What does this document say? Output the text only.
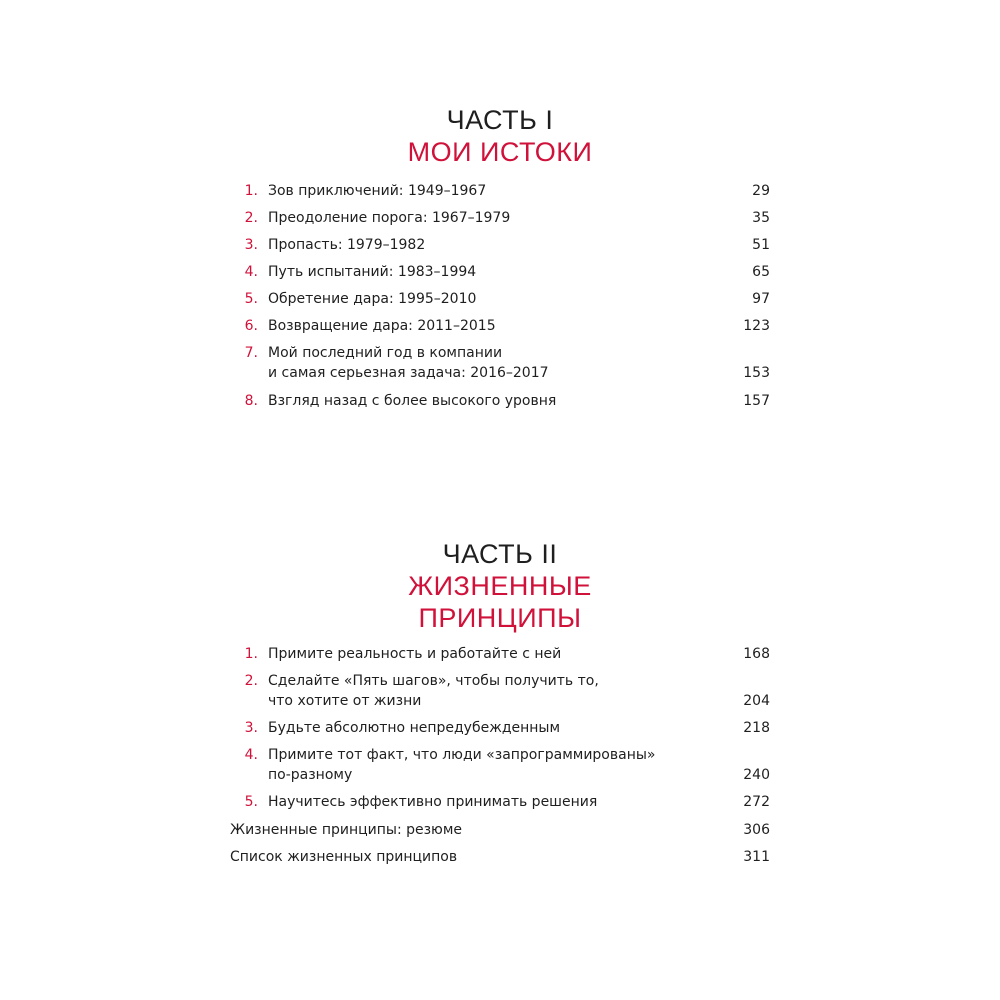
ЧАСТЬ I
МОИ ИСТОКИ
1. Зов приключений: 1949–1967	29
2. Преодоление порога: 1967–1979	35
3. Пропасть: 1979–1982	51
4. Путь испытаний: 1983–1994	65
5. Обретение дара: 1995–2010	97
6. Возвращение дара: 2011–2015	123
7. Мой последний год в компании
и самая серьезная задача: 2016–2017	153
8. Взгляд назад с более высокого уровня	157
ЧАСТЬ II
ЖИЗНЕННЫЕ
ПРИНЦИПЫ
1. Примите реальность и работайте с ней	168
2. Сделайте «Пять шагов», чтобы получить то,
что хотите от жизни	204
3. Будьте абсолютно непредубежденным	218
4. Примите тот факт, что люди «запрограммированы»
по-разному	240
5. Научитесь эффективно принимать решения	272
Жизненные принципы: резюме	306
Список жизненных принципов	311
